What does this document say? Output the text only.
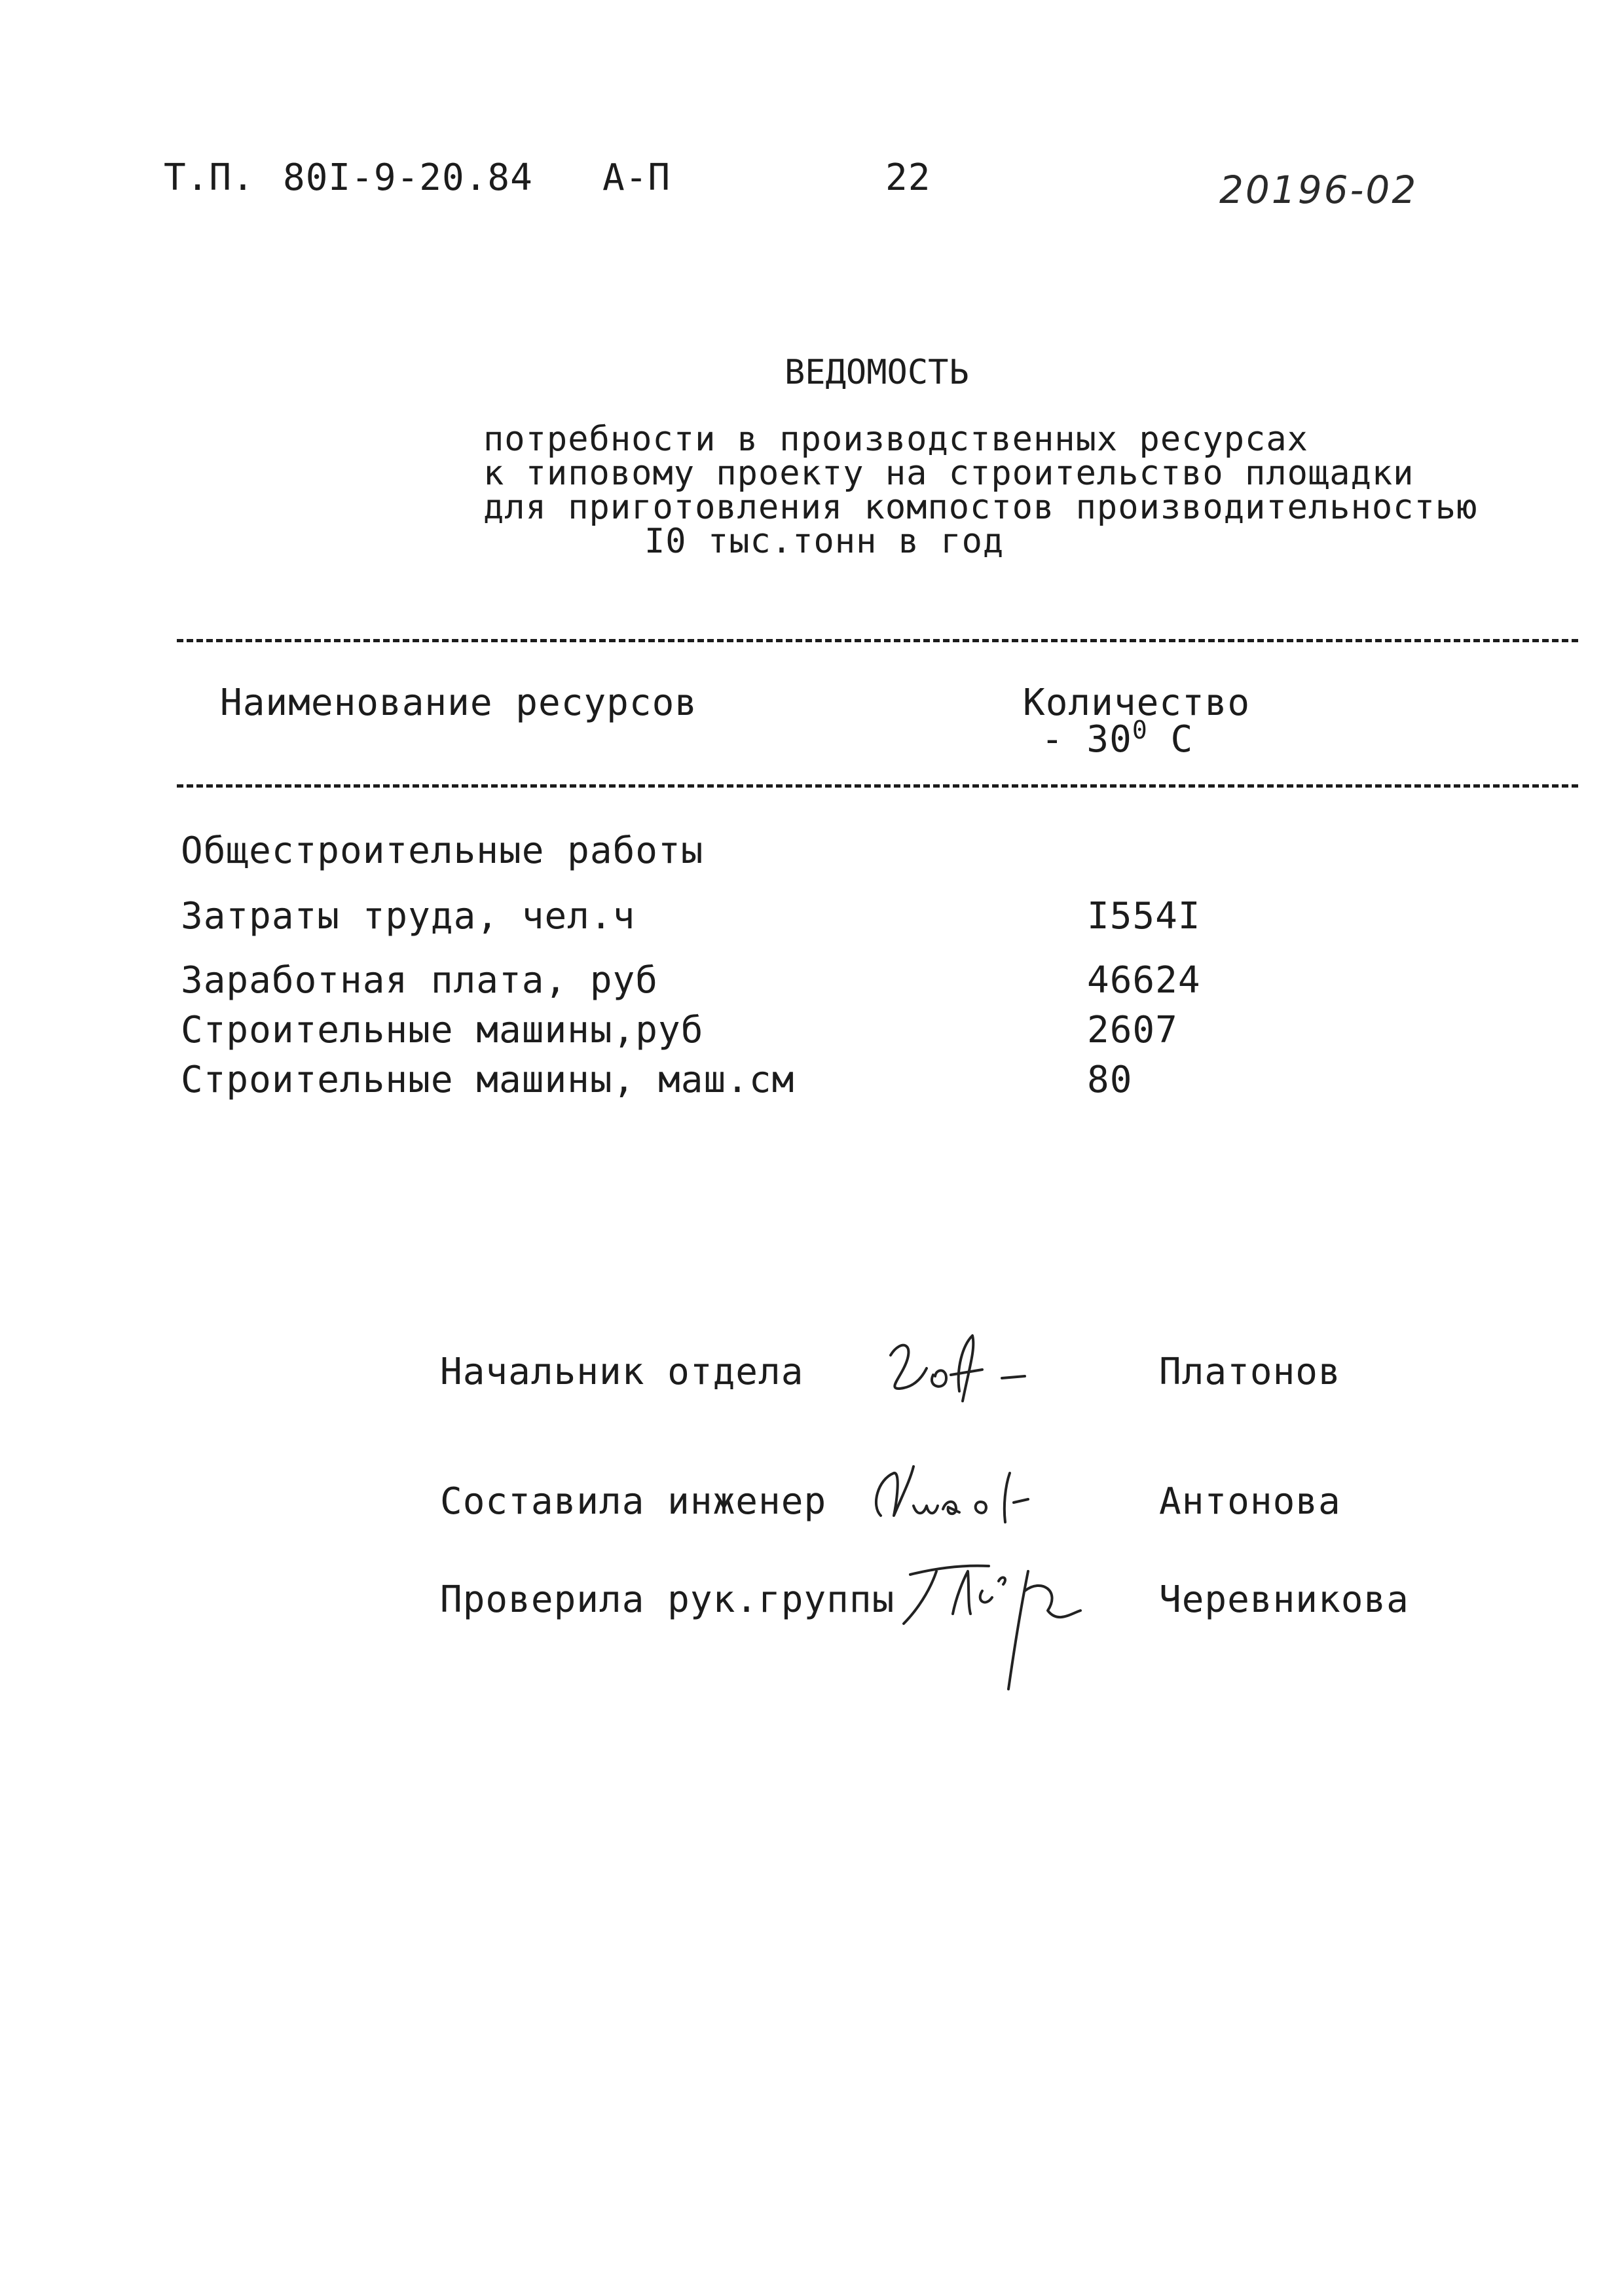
Т.П. 80I-9-20.84 А-П	22	20196-02
ВЕДОМОСТЬ
потребности в производственных ресурсах
к типовому проекту на строительство площадки
для приготовления компостов производительностью
I0 тыс.тонн в год
Наименование ресурсов	Количество
- $30^0$ С
Общестроительные работы
Затраты труда, чел.ч	I554I
Заработная плата, руб	46624
Строительные машины,руб	2607
Строительные машины, маш.см	80
Начальник отдела	Платонов
Составила инженер	Антонова
Проверила рук.группы	Черевникова
